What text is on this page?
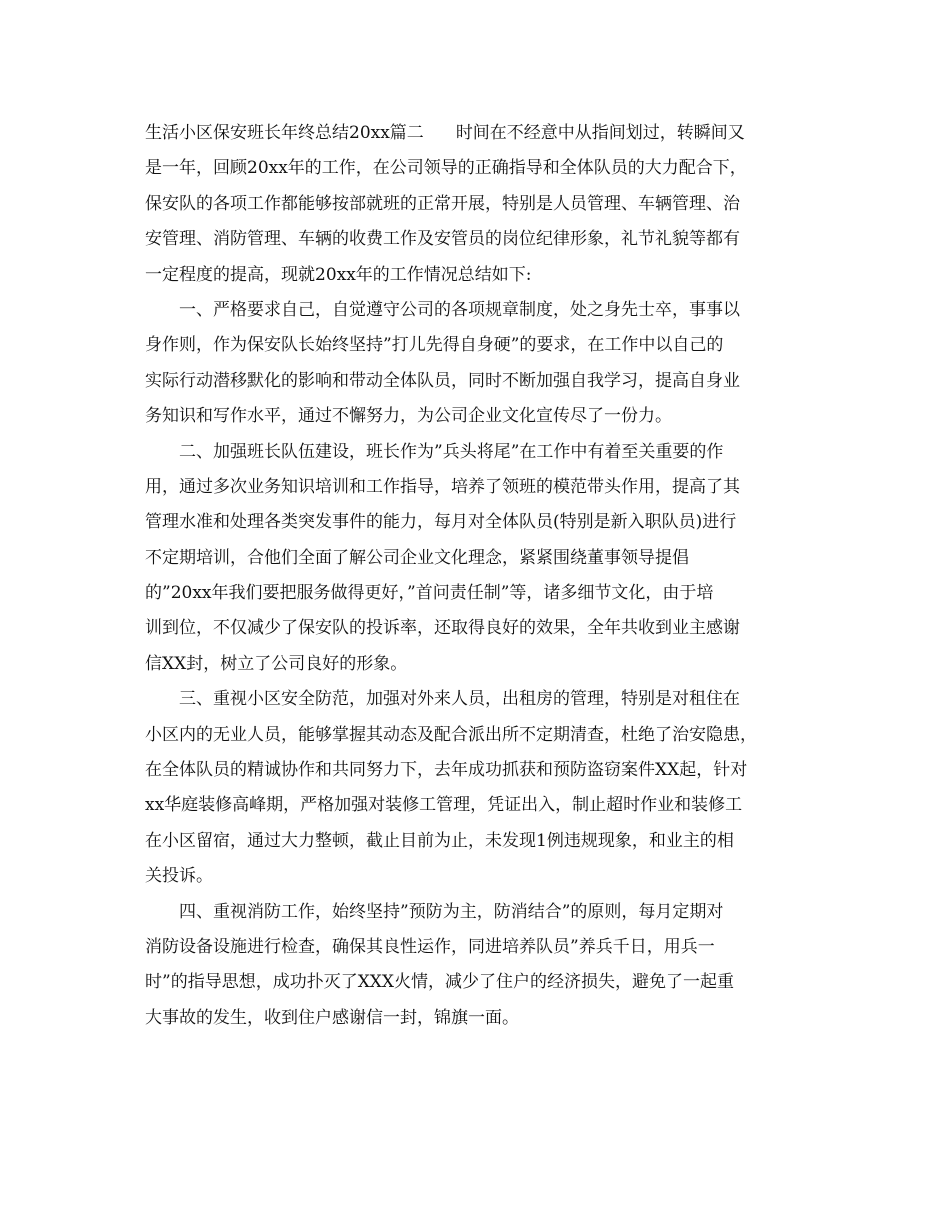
生活小区保安班长年终总结20xx篇二 时间在不经意中从指间划过，转瞬间又
是一年，回顾20xx年的工作，在公司领导的正确指导和全体队员的大力配合下，
保安队的各项工作都能够按部就班的正常开展，特别是人员管理、车辆管理、治
安管理、消防管理、车辆的收费工作及安管员的岗位纪律形象，礼节礼貌等都有
一定程度的提高，现就20xx年的工作情况总结如下:
　　一、严格要求自己，自觉遵守公司的各项规章制度，处之身先士卒，事事以
身作则，作为保安队长始终坚持”打儿先得自身硬”的要求，在工作中以自己的
实际行动潜移默化的影响和带动全体队员，同时不断加强自我学习，提高自身业
务知识和写作水平，通过不懈努力，为公司企业文化宣传尽了一份力。
　　二、加强班长队伍建设，班长作为”兵头将尾”在工作中有着至关重要的作
用，通过多次业务知识培训和工作指导，培养了领班的模范带头作用，提高了其
管理水准和处理各类突发事件的能力，每月对全体队员(特别是新入职队员)进行
不定期培训，合他们全面了解公司企业文化理念，紧紧围绕董事领导提倡
的”20xx年我们要把服务做得更好，”首问责任制”等，诸多细节文化，由于培
训到位，不仅减少了保安队的投诉率，还取得良好的效果，全年共收到业主感谢
信XX封，树立了公司良好的形象。
　　三、重视小区安全防范，加强对外来人员，出租房的管理，特别是对租住在
小区内的无业人员，能够掌握其动态及配合派出所不定期清查，杜绝了治安隐患，
在全体队员的精诚协作和共同努力下，去年成功抓获和预防盗窃案件XX起，针对
xx华庭装修高峰期，严格加强对装修工管理，凭证出入，制止超时作业和装修工
在小区留宿，通过大力整顿，截止目前为止，未发现1例违规现象，和业主的相
关投诉。
　　四、重视消防工作，始终坚持”预防为主，防消结合”的原则，每月定期对
消防设备设施进行检查，确保其良性运作，同进培养队员”养兵千日，用兵一
时”的指导思想，成功扑灭了XXX火情，减少了住户的经济损失，避免了一起重
大事故的发生，收到住户感谢信一封，锦旗一面。
